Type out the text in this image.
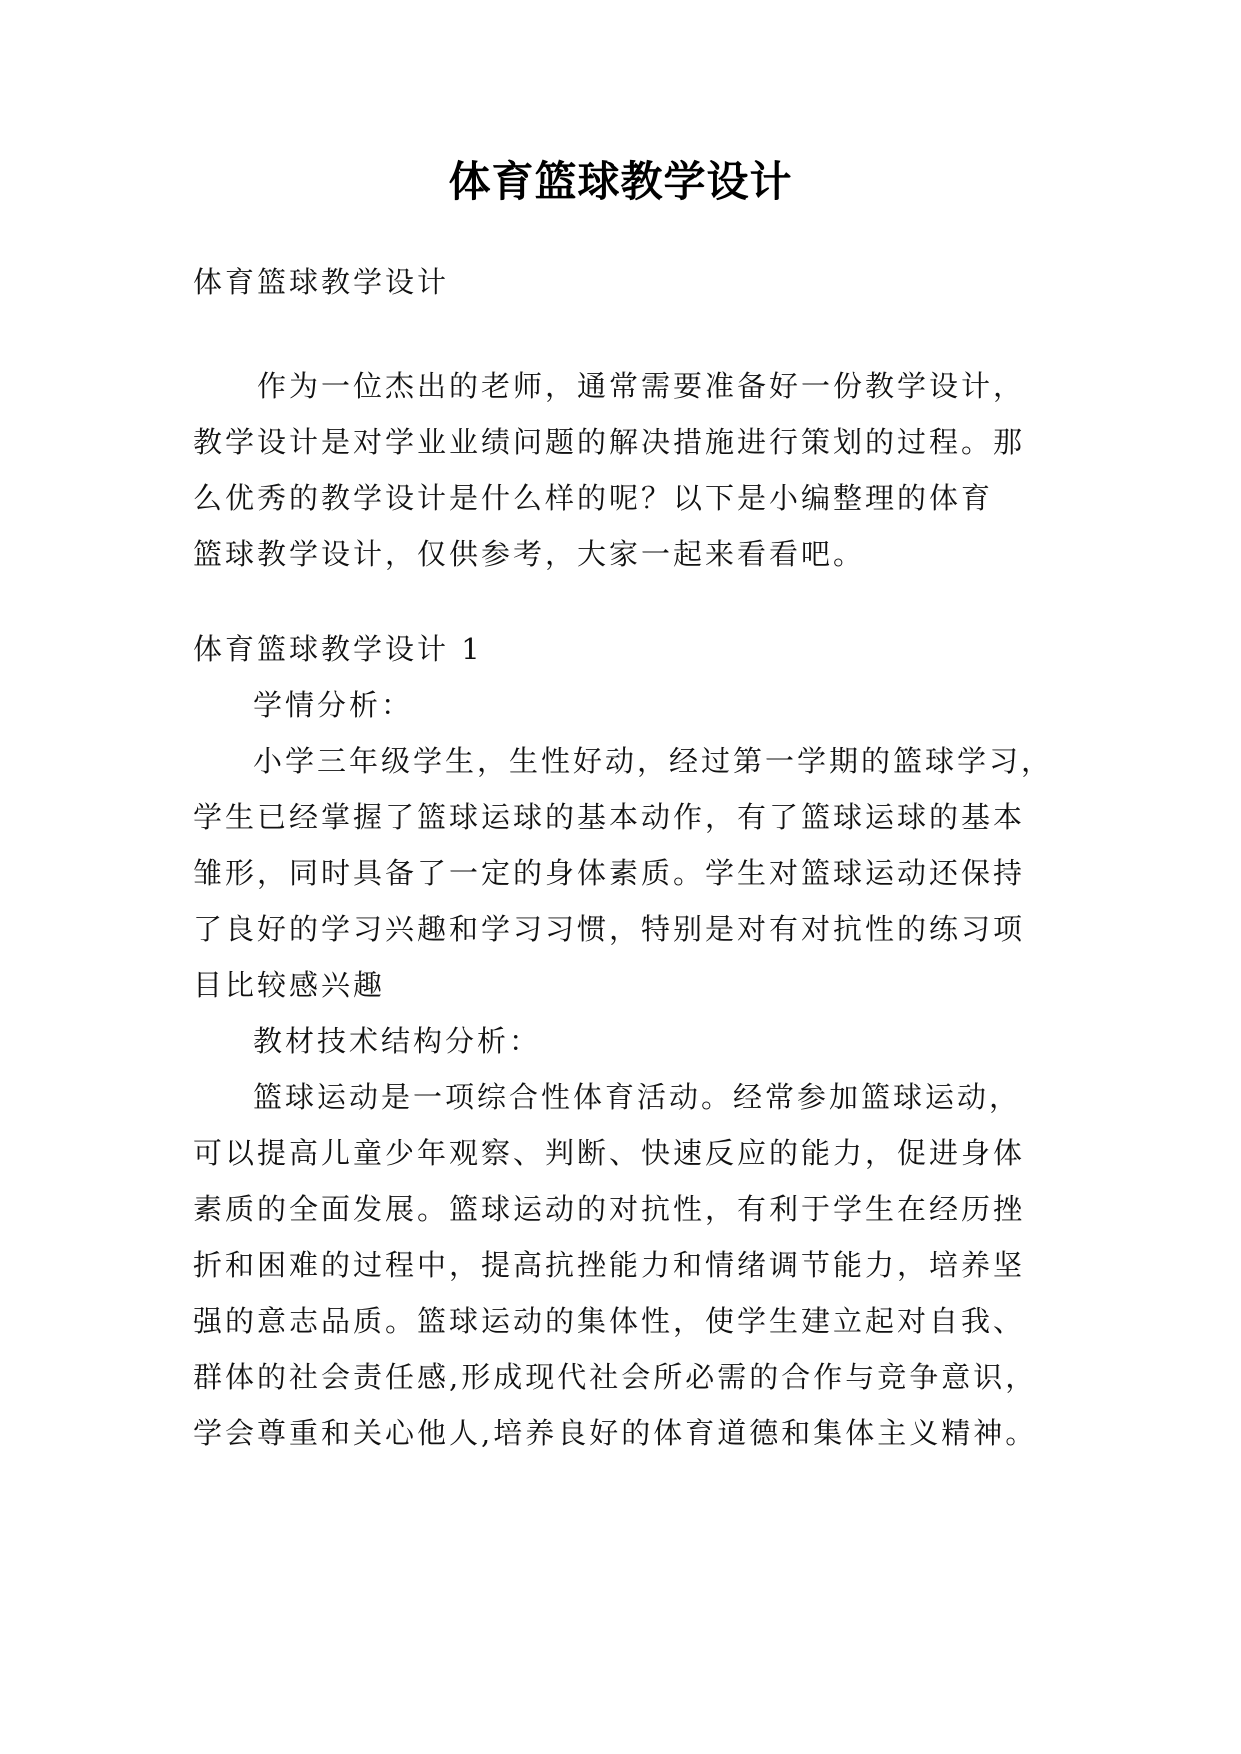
体育篮球教学设计
体育篮球教学设计
作为一位杰出的老师，通常需要准备好一份教学设计，
教学设计是对学业业绩问题的解决措施进行策划的过程。那
么优秀的教学设计是什么样的呢？以下是小编整理的体育
篮球教学设计，仅供参考，大家一起来看看吧。
体育篮球教学设计 1
学情分析：
小学三年级学生，生性好动，经过第一学期的篮球学习，
学生已经掌握了篮球运球的基本动作，有了篮球运球的基本
雏形，同时具备了一定的身体素质。学生对篮球运动还保持
了良好的学习兴趣和学习习惯，特别是对有对抗性的练习项
目比较感兴趣
教材技术结构分析：
篮球运动是一项综合性体育活动。经常参加篮球运动，
可以提高儿童少年观察、判断、快速反应的能力，促进身体
素质的全面发展。篮球运动的对抗性，有利于学生在经历挫
折和困难的过程中，提高抗挫能力和情绪调节能力，培养坚
强的意志品质。篮球运动的集体性，使学生建立起对自我、
群体的社会责任感,形成现代社会所必需的合作与竞争意识，
学会尊重和关心他人,培养良好的体育道德和集体主义精神。
